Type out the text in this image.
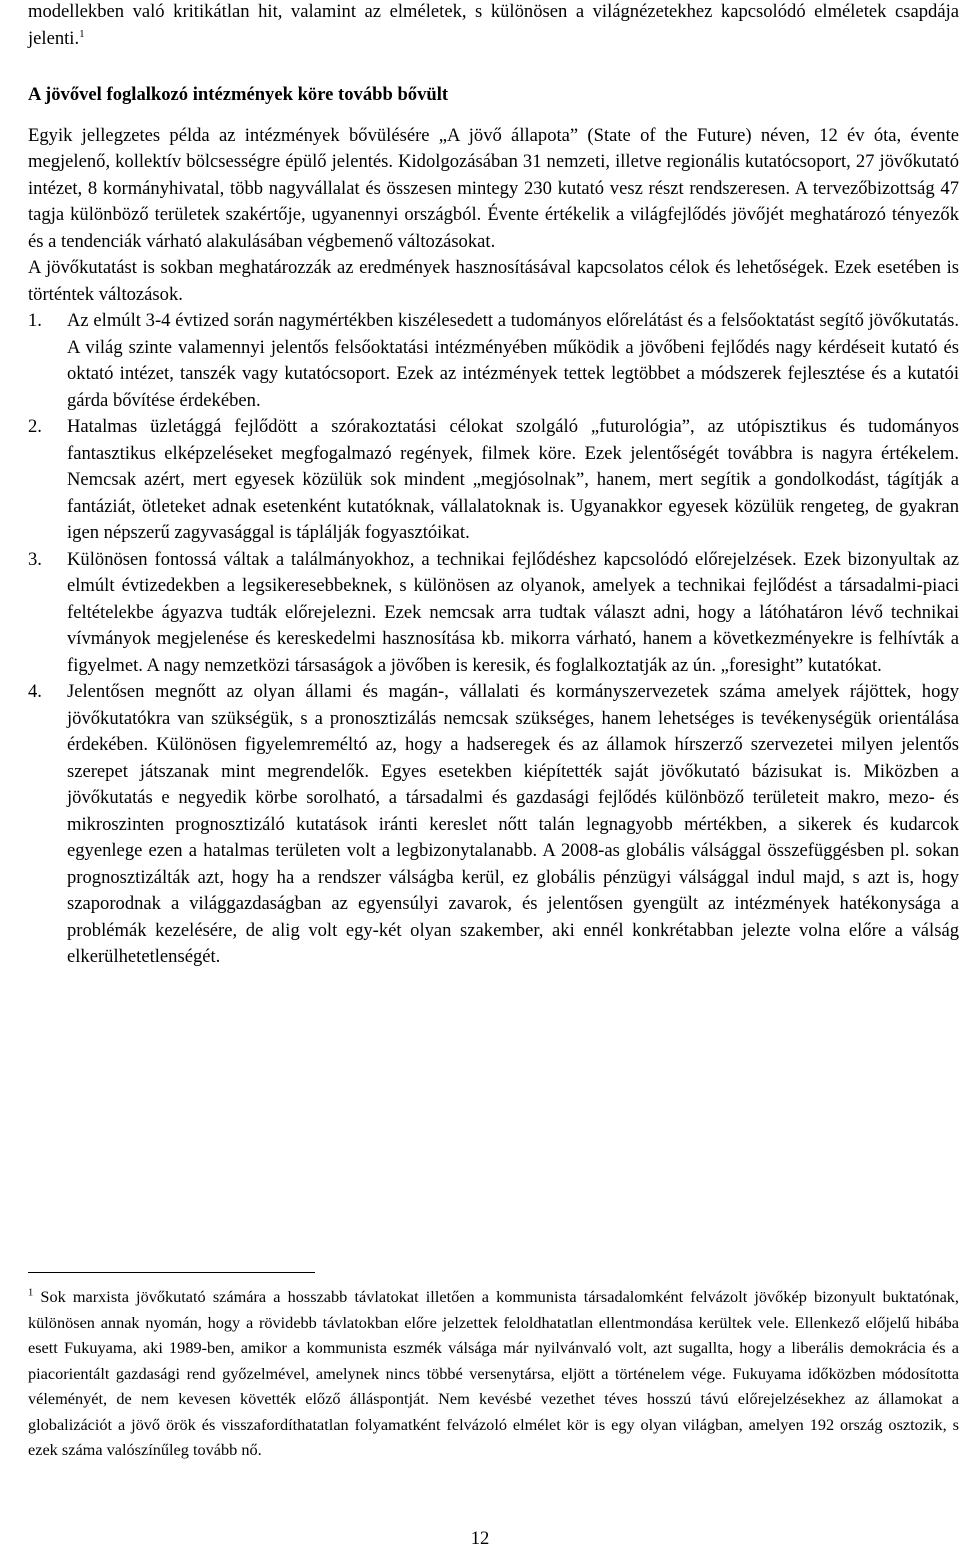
modellekben való kritikátlan hit, valamint az elméletek, s különösen a világnézetekhez kapcsolódó elméletek csapdája jelenti.$^1$

A jövővel foglalkozó intézmények köre tovább bővült

Egyik jellegzetes példa az intézmények bővülésére „A jövő állapota” (State of the Future) néven, 12 év óta, évente megjelenő, kollektív bölcsességre épülő jelentés. Kidolgozásában 31 nemzeti, illetve regionális kutatócsoport, 27 jövőkutató intézet, 8 kormányhivatal, több nagyvállalat és összesen mintegy 230 kutató vesz részt rendszeresen. A tervezőbizottság 47 tagja különböző területek szakértője, ugyanennyi országból. Évente értékelik a világfejlődés jövőjét meghatározó tényezők és a tendenciák várható alakulásában végbemenő változásokat.

A jövőkutatást is sokban meghatározzák az eredmények hasznosításával kapcsolatos célok és lehetőségek. Ezek esetében is történtek változások.

1. Az elmúlt 3-4 évtized során nagymértékben kiszélesedett a tudományos előrelátást és a felsőoktatást segítő jövőkutatás. A világ szinte valamennyi jelentős felsőoktatási intézményében működik a jövőbeni fejlődés nagy kérdéseit kutató és oktató intézet, tanszék vagy kutatócsoport. Ezek az intézmények tettek legtöbbet a módszerek fejlesztése és a kutatói gárda bővítése érdekében.
2. Hatalmas üzletággá fejlődött a szórakoztatási célokat szolgáló „futurológia”, az utópisztikus és tudományos fantasztikus elképzeléseket megfogalmazó regények, filmek köre. Ezek jelentőségét továbbra is nagyra értékelem. Nemcsak azért, mert egyesek közülük sok mindent „megjósolnak”, hanem, mert segítik a gondolkodást, tágítják a fantáziát, ötleteket adnak esetenként kutatóknak, vállalatoknak is. Ugyanakkor egyesek közülük rengeteg, de gyakran igen népszerű zagyvasággal is táplálják fogyasztóikat.
3. Különösen fontossá váltak a találmányokhoz, a technikai fejlődéshez kapcsolódó előrejelzések. Ezek bizonyultak az elmúlt évtizedekben a legsikeresebbeknek, s különösen az olyanok, amelyek a technikai fejlődést a társadalmi-piaci feltételekbe ágyazva tudták előrejelezni. Ezek nemcsak arra tudtak választ adni, hogy a látóhatáron lévő technikai vívmányok megjelenése és kereskedelmi hasznosítása kb. mikorra várható, hanem a következményekre is felhívták a figyelmet. A nagy nemzetközi társaságok a jövőben is keresik, és foglalkoztatják az ún. „foresight” kutatókat.
4. Jelentősen megnőtt az olyan állami és magán-, vállalati és kormányszervezetek száma amelyek rájöttek, hogy jövőkutatókra van szükségük, s a pronosztizálás nemcsak szükséges, hanem lehetséges is tevékenységük orientálása érdekében. Különösen figyelemreméltó az, hogy a hadseregek és az államok hírszerző szervezetei milyen jelentős szerepet játszanak mint megrendelők. Egyes esetekben kiépítették saját jövőkutató bázisukat is. Miközben a jövőkutatás e negyedik körbe sorolható, a társadalmi és gazdasági fejlődés különböző területeit makro, mezo- és mikroszinten prognosztizáló kutatások iránti kereslet nőtt talán legnagyobb mértékben, a sikerek és kudarcok egyenlege ezen a hatalmas területen volt a legbizonytalanabb. A 2008-as globális válsággal összefüggésben pl. sokan prognosztizálták azt, hogy ha a rendszer válságba kerül, ez globális pénzügyi válsággal indul majd, s azt is, hogy szaporodnak a világgazdaságban az egyensúlyi zavarok, és jelentősen gyengült az intézmények hatékonysága a problémák kezelésére, de alig volt egy-két olyan szakember, aki ennél konkrétabban jelezte volna előre a válság elkerülhetetlenségét.

$^1$ Sok marxista jövőkutató számára a hosszabb távlatokat illetően a kommunista társadalomként felvázolt jövőkép bizonyult buktatónak, különösen annak nyomán, hogy a rövidebb távlatokban előre jelzettek feloldhatatlan ellentmondása kerültek vele. Ellenkező előjelű hibába esett Fukuyama, aki 1989-ben, amikor a kommunista eszmék válsága már nyilvánvaló volt, azt sugallta, hogy a liberális demokrácia és a piacorientált gazdasági rend győzelmével, amelynek nincs többé versenytársa, eljött a történelem vége. Fukuyama időközben módosította véleményét, de nem kevesen követték előző álláspontját. Nem kevésbé vezethet téves hosszú távú előrejelzésekhez az államokat a globalizációt a jövő örök és visszafordíthatatlan folyamatként felvázoló elmélet kör is egy olyan világban, amelyen 192 ország osztozik, s ezek száma valószínűleg tovább nő.

12
